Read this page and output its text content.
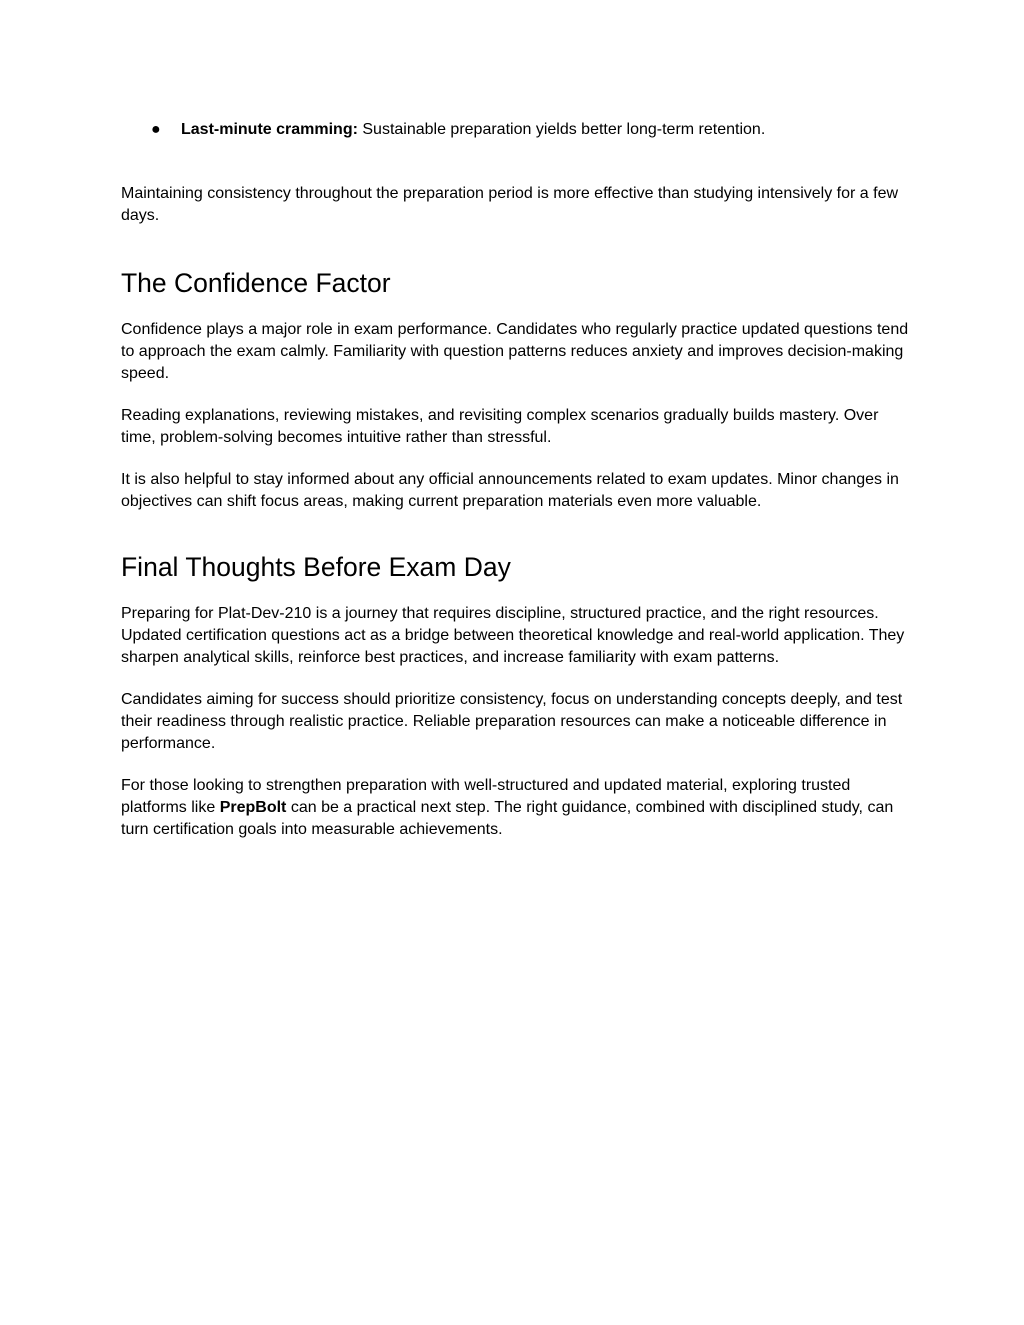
● Last-minute cramming: Sustainable preparation yields better long-term retention.

Maintaining consistency throughout the preparation period is more effective than studying intensively for a few days.

The Confidence Factor

Confidence plays a major role in exam performance. Candidates who regularly practice updated questions tend to approach the exam calmly. Familiarity with question patterns reduces anxiety and improves decision-making speed.

Reading explanations, reviewing mistakes, and revisiting complex scenarios gradually builds mastery. Over time, problem-solving becomes intuitive rather than stressful.

It is also helpful to stay informed about any official announcements related to exam updates. Minor changes in objectives can shift focus areas, making current preparation materials even more valuable.

Final Thoughts Before Exam Day

Preparing for Plat-Dev-210 is a journey that requires discipline, structured practice, and the right resources. Updated certification questions act as a bridge between theoretical knowledge and real-world application. They sharpen analytical skills, reinforce best practices, and increase familiarity with exam patterns.

Candidates aiming for success should prioritize consistency, focus on understanding concepts deeply, and test their readiness through realistic practice. Reliable preparation resources can make a noticeable difference in performance.

For those looking to strengthen preparation with well-structured and updated material, exploring trusted platforms like PrepBolt can be a practical next step. The right guidance, combined with disciplined study, can turn certification goals into measurable achievements.
